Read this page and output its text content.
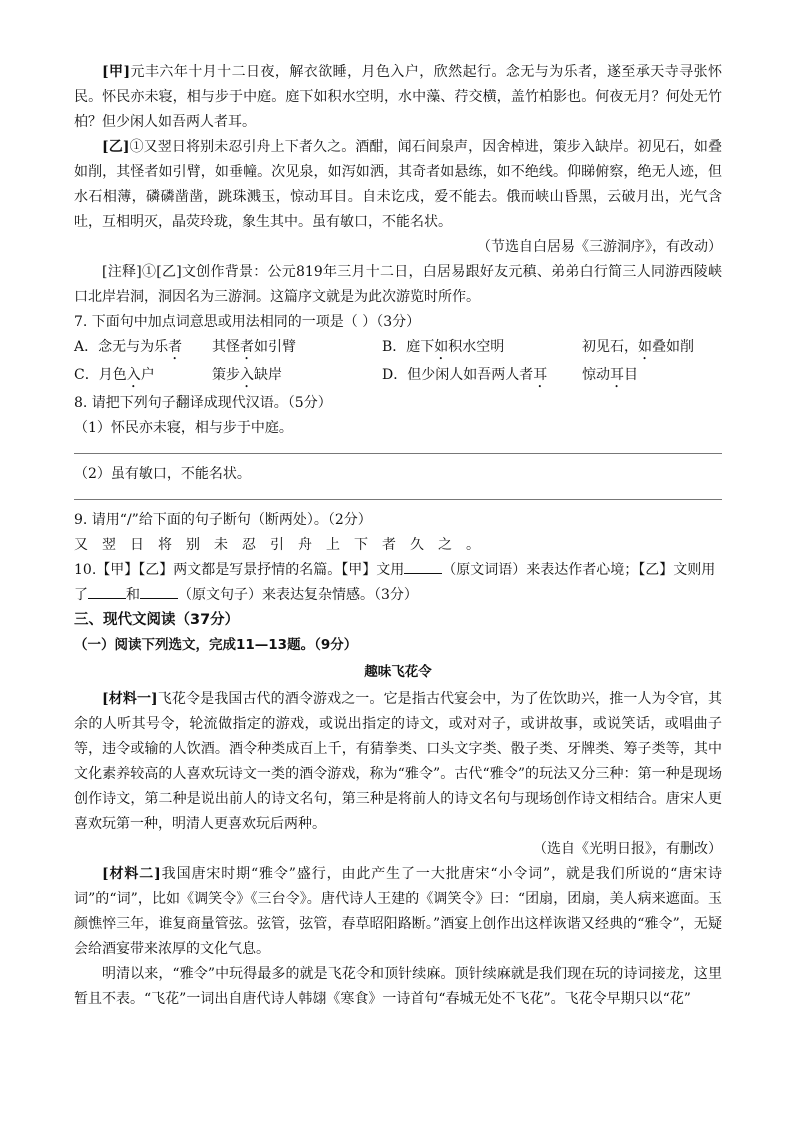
[甲]元丰六年十月十二日夜，解衣欲睡，月色入户，欣然起行。念无与为乐者，遂至承天寺寻张怀民。怀民亦未寝，相与步于中庭。庭下如积水空明，水中藻、荇交横，盖竹柏影也。何夜无月？何处无竹柏？但少闲人如吾两人者耳。

[乙]①又翌日将别未忍引舟上下者久之。酒酣，闻石间泉声，因舍棹进，策步入缺岸。初见石，如叠如削，其怪者如引臂，如垂幢。次见泉，如泻如洒，其奇者如悬练，如不绝线。仰睇俯察，绝无人迹，但水石相薄，磷磷凿凿，跳珠溅玉，惊动耳目。自未讫戌，爱不能去。俄而峡山昏黑，云破月出，光气含吐，互相明灭，晶荧玲珑，象生其中。虽有敏口，不能名状。

（节选自白居易《三游洞序》，有改动）

[注释]①[乙]文创作背景：公元819年三月十二日，白居易跟好友元稹、弟弟白行简三人同游西陵峡口北岸岩洞，洞因名为三游洞。这篇序文就是为此次游览时所作。

7. 下面句中加点词意思或用法相同的一项是（ ）（3分）

A．念无与为乐者	其怪者如引臂	B．庭下如积水空明	初见石，如叠如削
C．月色入户	策步入缺岸	D．但少闲人如吾两人者耳	惊动耳目

8. 请把下列句子翻译成现代汉语。（5分）

（1）怀民亦未寝，相与步于中庭。

（2）虽有敏口，不能名状。

9. 请用“/”给下面的句子断句（断两处）。（2分）

又翌日将别未忍引舟上下者久之。

10.【甲】【乙】两文都是写景抒情的名篇。【甲】文用	（原文词语）来表达作者心境；【乙】文则用

了	和	（原文句子）来表达复杂情感。（3分）

三、现代文阅读（37分）

（一）阅读下列选文，完成11—13题。（9分）

趣味飞花令

[材料一]飞花令是我国古代的酒令游戏之一。它是指古代宴会中，为了佐饮助兴，推一人为令官，其余的人听其号令，轮流做指定的游戏，或说出指定的诗文，或对对子，或讲故事，或说笑话，或唱曲子等，违令或输的人饮酒。酒令种类成百上千，有猜拳类、口头文字类、骰子类、牙牌类、筹子类等，其中文化素养较高的人喜欢玩诗文一类的酒令游戏，称为“雅令”。古代“雅令”的玩法又分三种：第一种是现场创作诗文，第二种是说出前人的诗文名句，第三种是将前人的诗文名句与现场创作诗文相结合。唐宋人更喜欢玩第一种，明清人更喜欢玩后两种。

（选自《光明日报》，有删改）

[材料二]我国唐宋时期“雅令”盛行，由此产生了一大批唐宋“小令词”，就是我们所说的“唐宋诗词”的“词”，比如《调笑令》《三台令》。唐代诗人王建的《调笑令》曰：“团扇，团扇，美人病来遮面。玉颜憔悴三年，谁复商量管弦。弦管，弦管，春草昭阳路断。”酒宴上创作出这样诙谐又经典的“雅令”，无疑会给酒宴带来浓厚的文化气息。

明清以来，“雅令”中玩得最多的就是飞花令和顶针续麻。顶针续麻就是我们现在玩的诗词接龙，这里暂且不表。“飞花”一词出自唐代诗人韩翃《寒食》一诗首句“春城无处不飞花”。飞花令早期只以“花”
